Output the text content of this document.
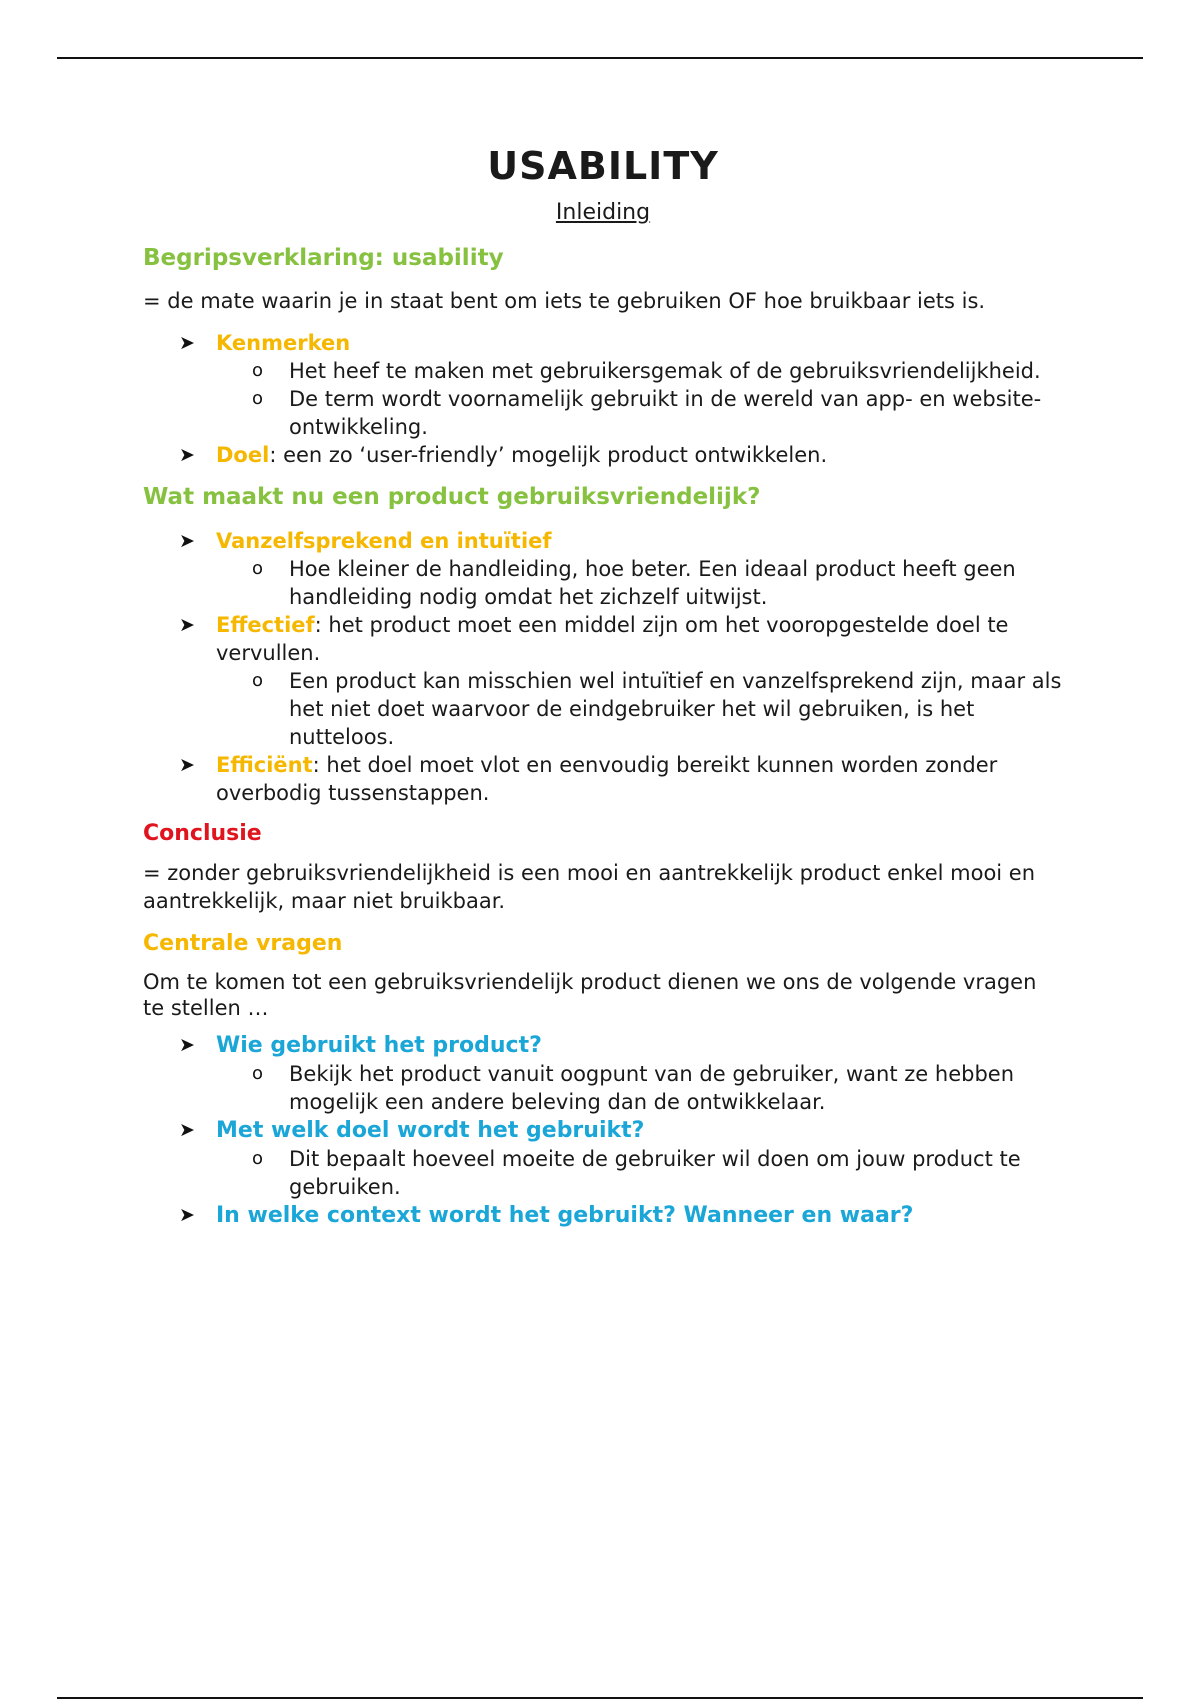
USABILITY
Inleiding
Begripsverklaring: usability

= de mate waarin je in staat bent om iets te gebruiken OF hoe bruikbaar iets is.

➤ Kenmerken
o Het heef te maken met gebruikersgemak of de gebruiksvriendelijkheid.
o De term wordt voornamelijk gebruikt in de wereld van app- en website-ontwikkeling.
➤ Doel: een zo ‘user-friendly’ mogelijk product ontwikkelen.
Wat maakt nu een product gebruiksvriendelijk?
➤ Vanzelfsprekend en intuïtief
o Hoe kleiner de handleiding, hoe beter. Een ideaal product heeft geen handleiding nodig omdat het zichzelf uitwijst.
➤ Effectief: het product moet een middel zijn om het vooropgestelde doel te vervullen.
o Een product kan misschien wel intuïtief en vanzelfsprekend zijn, maar als het niet doet waarvoor de eindgebruiker het wil gebruiken, is het nutteloos.
➤ Efficiënt: het doel moet vlot en eenvoudig bereikt kunnen worden zonder overbodig tussenstappen.
Conclusie

= zonder gebruiksvriendelijkheid is een mooi en aantrekkelijk product enkel mooi en aantrekkelijk, maar niet bruikbaar.

Centrale vragen

Om te komen tot een gebruiksvriendelijk product dienen we ons de volgende vragen te stellen …

➤ Wie gebruikt het product?
o Bekijk het product vanuit oogpunt van de gebruiker, want ze hebben mogelijk een andere beleving dan de ontwikkelaar.
➤ Met welk doel wordt het gebruikt?
o Dit bepaalt hoeveel moeite de gebruiker wil doen om jouw product te gebruiken.
➤ In welke context wordt het gebruikt? Wanneer en waar?
